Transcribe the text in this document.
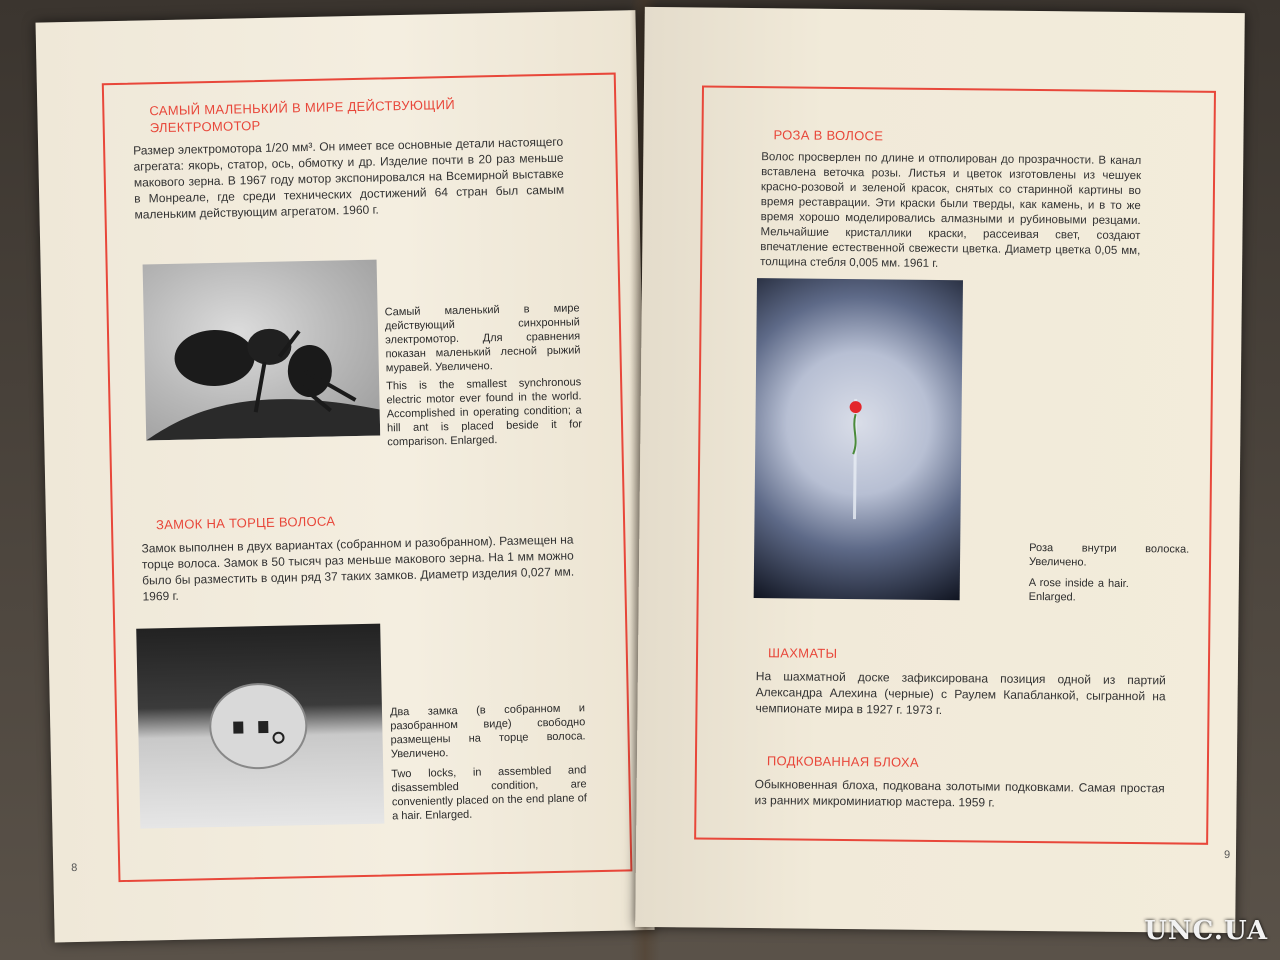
САМЫЙ МАЛЕНЬКИЙ В МИРЕ ДЕЙСТВУЮЩИЙ ЭЛЕКТРОМОТОР
Размер электромотора 1/20 мм³. Он имеет все основные детали настоящего агрегата: якорь, статор, ось, обмотку и др. Изделие почти в 20 раз меньше макового зерна. В 1967 году мотор экспонировался на Всемирной выставке в Монреале, где среди технических достижений 64 стран был самым маленьким действующим агрегатом. 1960 г.
Самый маленький в мире действующий синхронный электромотор. Для сравнения показан маленький лесной рыжий муравей. Увеличено.
This is the smallest synchronous electric motor ever found in the world. Accomplished in operating condition; a hill ant is placed beside it for comparison. Enlarged.
ЗАМОК НА ТОРЦЕ ВОЛОСА
Замок выполнен в двух вариантах (собранном и разобранном). Размещен на торце волоса. Замок в 50 тысяч раз меньше макового зерна. На 1 мм можно было бы разместить в один ряд 37 таких замков. Диаметр изделия 0,027 мм. 1969 г.
Два замка (в собранном и разобранном виде) свободно размещены на торце волоса. Увеличено.
Two locks, in assembled and disassembled condition, are conveniently placed on the end plane of a hair. Enlarged.
8
РОЗА В ВОЛОСЕ
Волос просверлен по длине и отполирован до прозрачности. В канал вставлена веточка розы. Листья и цветок изготовлены из чешуек красно-розовой и зеленой красок, снятых со старинной картины во время реставрации. Эти краски были тверды, как камень, и в то же время хорошо моделировались алмазными и рубиновыми резцами. Мельчайшие кристаллики краски, рассеивая свет, создают впечатление естественной свежести цветка. Диаметр цветка 0,05 мм, толщина стебля 0,005 мм. 1961 г.
Роза внутри волоска. Увеличено.
A rose inside a hair. Enlarged.
ШАХМАТЫ
На шахматной доске зафиксирована позиция одной из партий Александра Алехина (черные) с Раулем Капабланкой, сыгранной на чемпионате мира в 1927 г. 1973 г.
ПОДКОВАННАЯ БЛОХА
Обыкновенная блоха, подкована золотыми подковками. Самая простая из ранних микроминиатюр мастера. 1959 г.
9
UNC.UA
